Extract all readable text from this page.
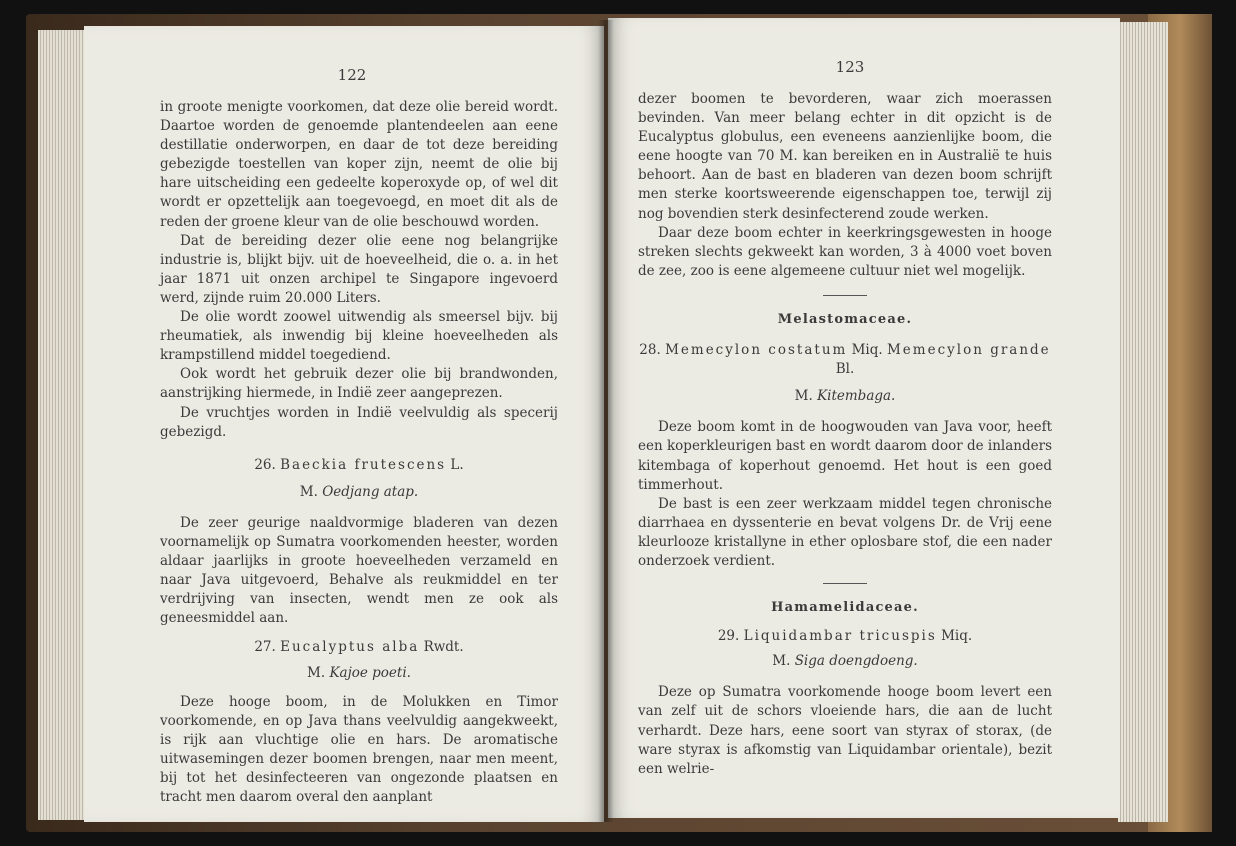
122

in groote menigte voorkomen, dat deze olie bereid wordt. Daartoe worden de genoemde plantendeelen aan eene destillatie onderworpen, en daar de tot deze bereiding gebezigde toestellen van koper zijn, neemt de olie bij hare uitscheiding een gedeelte koperoxyde op, of wel dit wordt er opzettelijk aan toegevoegd, en moet dit als de reden der groene kleur van de olie beschouwd worden.

Dat de bereiding dezer olie eene nog belangrijke industrie is, blijkt bijv. uit de hoeveelheid, die o. a. in het jaar 1871 uit onzen archipel te Singapore ingevoerd werd, zijnde ruim 20.000 Liters.

De olie wordt zoowel uitwendig als smeersel bijv. bij rheumatiek, als inwendig bij kleine hoeveelheden als krampstillend middel toegediend.

Ook wordt het gebruik dezer olie bij brandwonden, aanstrijking hiermede, in Indië zeer aangeprezen.

De vruchtjes worden in Indië veelvuldig als specerij gebezigd.

26. Baeckia frutescens L.

M. Oedjang atap.

De zeer geurige naaldvormige bladeren van dezen voornamelijk op Sumatra voorkomenden heester, worden aldaar jaarlijks in groote hoeveelheden verzameld en naar Java uitgevoerd, Behalve als reukmiddel en ter verdrijving van insecten, wendt men ze ook als geneesmiddel aan.

27. Eucalyptus alba Rwdt.

M. Kajoe poeti.

Deze hooge boom, in de Molukken en Timor voorkomende, en op Java thans veelvuldig aangekweekt, is rijk aan vluchtige olie en hars. De aromatische uitwasemingen dezer boomen brengen, naar men meent, bij tot het desinfecteeren van ongezonde plaatsen en tracht men daarom overal den aanplant

123

dezer boomen te bevorderen, waar zich moerassen bevinden. Van meer belang echter in dit opzicht is de Eucalyptus globulus, een eveneens aanzienlijke boom, die eene hoogte van 70 M. kan bereiken en in Australië te huis behoort. Aan de bast en bladeren van dezen boom schrijft men sterke koortsweerende eigenschappen toe, terwijl zij nog bovendien sterk desinfecterend zoude werken.

Daar deze boom echter in keerkringsgewesten in hooge streken slechts gekweekt kan worden, 3 à 4000 voet boven de zee, zoo is eene algemeene cultuur niet wel mogelijk.

Melastomaceae.

28. Memecylon costatum Miq. Memecylon grande Bl.

M. Kitembaga.

Deze boom komt in de hoogwouden van Java voor, heeft een koperkleurigen bast en wordt daarom door de inlanders kitembaga of koperhout genoemd. Het hout is een goed timmerhout.

De bast is een zeer werkzaam middel tegen chronische diarrhaea en dyssenterie en bevat volgens Dr. de Vrij eene kleurlooze kristallyne in ether oplosbare stof, die een nader onderzoek verdient.

Hamamelidaceae.

29. Liquidambar tricuspis Miq.

M. Siga doengdoeng.

Deze op Sumatra voorkomende hooge boom levert een van zelf uit de schors vloeiende hars, die aan de lucht verhardt. Deze hars, eene soort van styrax of storax, (de ware styrax is afkomstig van Liquidambar orientale), bezit een welrie-
